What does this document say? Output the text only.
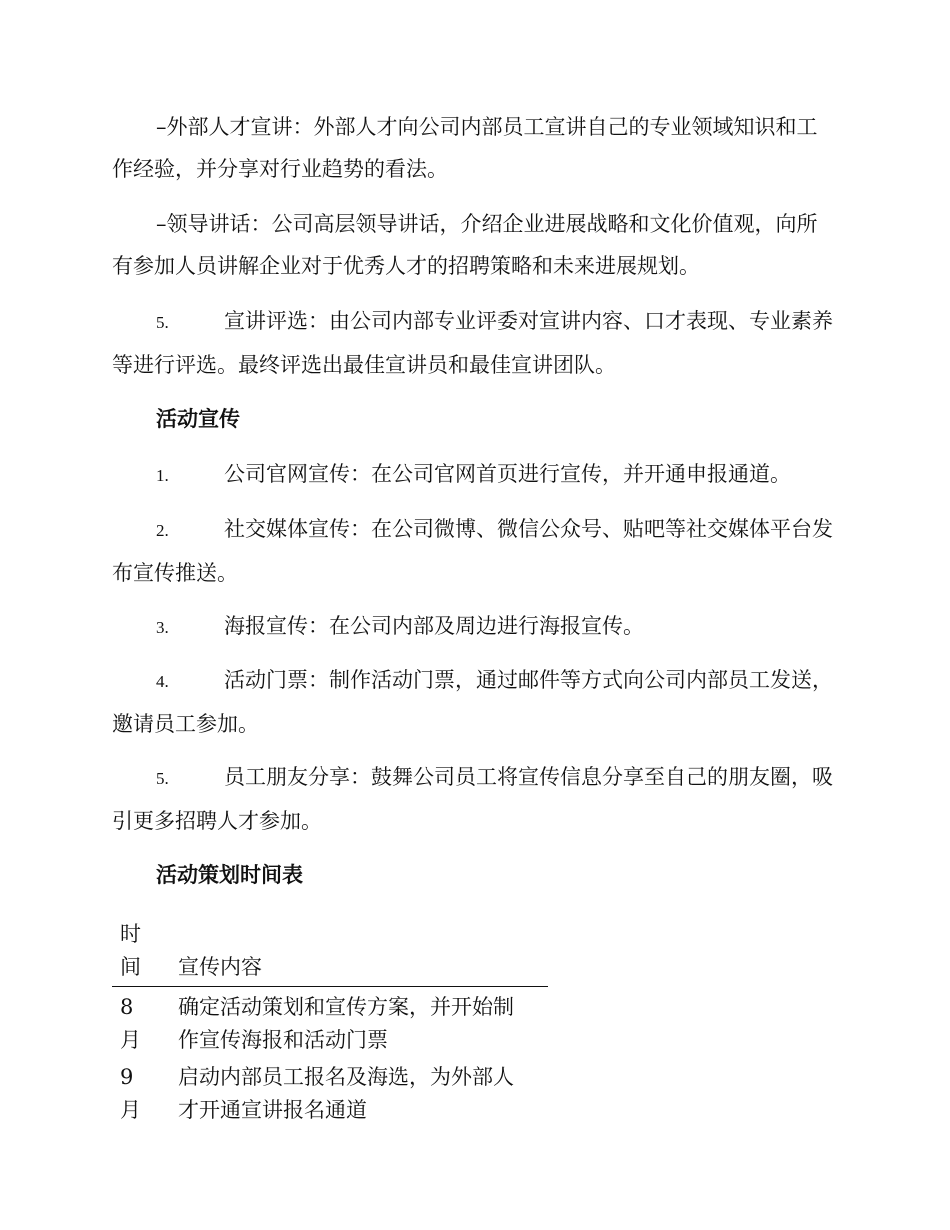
–外部人才宣讲：外部人才向公司内部员工宣讲自己的专业领域知识和工作经验，并分享对行业趋势的看法。

–领导讲话：公司高层领导讲话，介绍企业进展战略和文化价值观，向所有参加人员讲解企业对于优秀人才的招聘策略和未来进展规划。

5.	宣讲评选：由公司内部专业评委对宣讲内容、口才表现、专业素养等进行评选。最终评选出最佳宣讲员和最佳宣讲团队。

活动宣传

1.	公司官网宣传：在公司官网首页进行宣传，并开通申报通道。

2.	社交媒体宣传：在公司微博、微信公众号、贴吧等社交媒体平台发布宣传推送。

3.	海报宣传：在公司内部及周边进行海报宣传。

4.	活动门票：制作活动门票，通过邮件等方式向公司内部员工发送，邀请员工参加。

5.	员工朋友分享：鼓舞公司员工将宣传信息分享至自己的朋友圈，吸引更多招聘人才参加。

活动策划时间表
时间	宣传内容

8月	确定活动策划和宣传方案，并开始制作宣传海报和活动门票

9月	启动内部员工报名及海选，为外部人才开通宣讲报名通道
